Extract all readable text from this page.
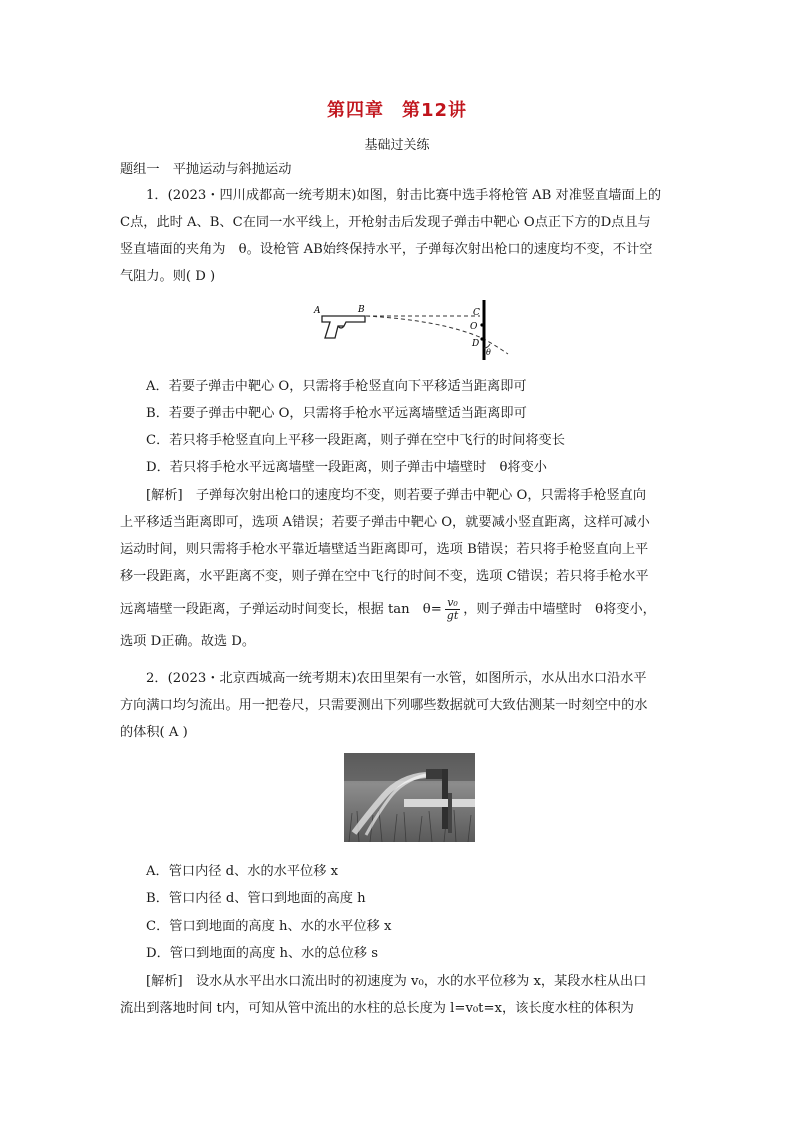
第四章 第12讲
基础过关练
题组一　平抛运动与斜抛运动
1．(2023・四川成都高一统考期末)如图，射击比赛中选手将枪管 AB 对准竖直墙面上的
C点，此时 A、B、C在同一水平线上，开枪射击后发现子弹击中靶心 O点正下方的D点且与
竖直墙面的夹角为　θ。设枪管 AB始终保持水平，子弹每次射出枪口的速度均不变，不计空
气阻力。则( D )
A	B	C
O
D
θ
A．若要子弹击中靶心 O，只需将手枪竖直向下平移适当距离即可
B．若要子弹击中靶心 O，只需将手枪水平远离墙壁适当距离即可
C．若只将手枪竖直向上平移一段距离，则子弹在空中飞行的时间将变长
D．若只将手枪水平远离墙壁一段距离，则子弹击中墙壁时　θ将变小
[解析]　子弹每次射出枪口的速度均不变，则若要子弹击中靶心 O，只需将手枪竖直向
上平移适当距离即可，选项 A错误；若要子弹击中靶心 O，就要减小竖直距离，这样可减小
运动时间，则只需将手枪水平靠近墙壁适当距离即可，选项 B错误；若只将手枪竖直向上平
移一段距离，水平距离不变，则子弹在空中飞行的时间不变，选项 C错误；若只将手枪水平
远离墙壁一段距离，子弹运动时间变长，根据 tan　$\theta= \frac{\text{v₀}}{gt}$ ，则子弹击中墙壁时　θ将变小，
选项 D正确。故选 D。
2．(2023・北京西城高一统考期末)农田里架有一水管，如图所示，水从出水口沿水平
方向满口均匀流出。用一把卷尺，只需要测出下列哪些数据就可大致估测某一时刻空中的水
的体积( A )
A．管口内径 d、水的水平位移 x
B．管口内径 d、管口到地面的高度 h
C．管口到地面的高度 h、水的水平位移 x
D．管口到地面的高度 h、水的总位移 s
[解析]　设水从水平出水口流出时的初速度为 v₀，水的水平位移为 x，某段水柱从出口
流出到落地时间 t内，可知从管中流出的水柱的总长度为 l=v₀t=x，该长度水柱的体积为
